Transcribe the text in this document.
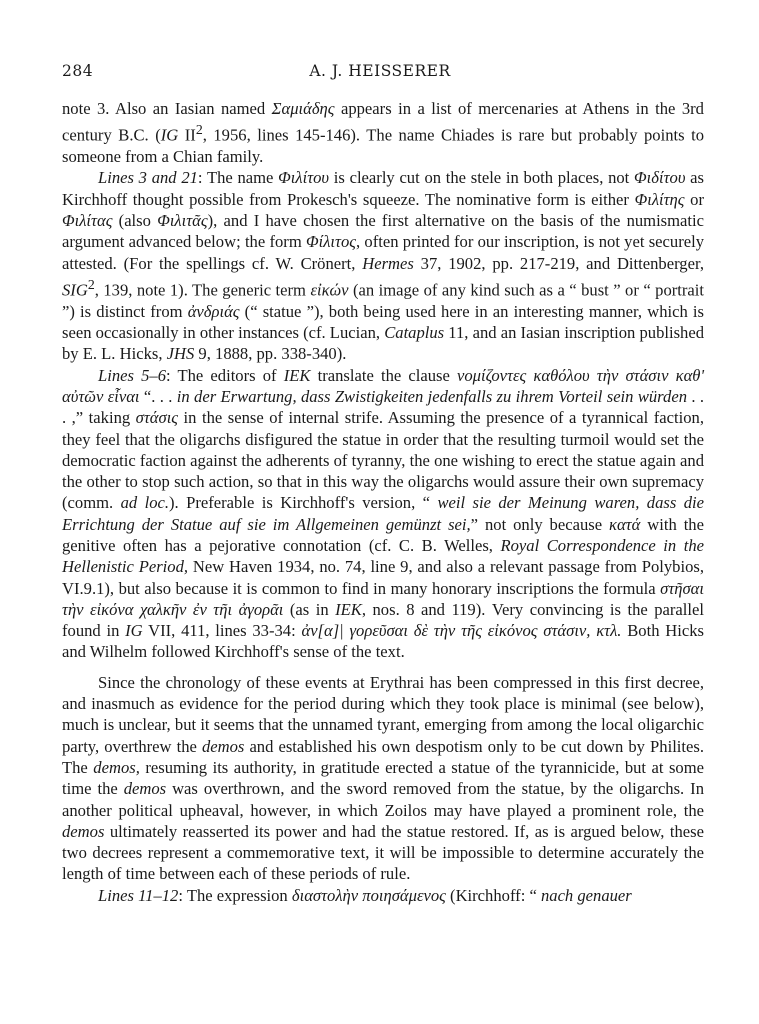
284	A. J. HEISSERER

note 3. Also an Iasian named Σαμιάδης appears in a list of mercenaries at Athens in the 3rd century B.C. (IG $II^2$, 1956, lines 145-146). The name Chiades is rare but probably points to someone from a Chian family.

Lines 3 and 21: The name Φιλίτου is clearly cut on the stele in both places, not Φιδίτου as Kirchhoff thought possible from Prokesch's squeeze. The nominative form is either Φιλίτης or Φιλίτας (also Φιλιτᾶς), and I have chosen the first alternative on the basis of the numismatic argument advanced below; the form Φίλιτος, often printed for our inscription, is not yet securely attested. (For the spellings cf. W. Crönert, Hermes 37, 1902, pp. 217-219, and Dittenberger, SIG$^2$, 139, note 1). The generic term εἰκών (an image of any kind such as a “ bust ” or “ portrait ”) is distinct from ἀνδριάς (“ statue ”), both being used here in an interesting manner, which is seen occasionally in other instances (cf. Lucian, Cataplus 11, and an Iasian inscription published by E. L. Hicks, JHS 9, 1888, pp. 338-340).

Lines 5–6: The editors of IEK translate the clause νομίζοντες καθόλου τὴν στάσιν καθ' αὐτῶν εἶναι “. . . in der Erwartung, dass Zwistigkeiten jedenfalls zu ihrem Vorteil sein würden . . . ,” taking στάσις in the sense of internal strife. Assuming the presence of a tyrannical faction, they feel that the oligarchs disfigured the statue in order that the resulting turmoil would set the democratic faction against the adherents of tyranny, the one wishing to erect the statue again and the other to stop such action, so that in this way the oligarchs would assure their own supremacy (comm. ad loc.). Preferable is Kirchhoff's version, “ weil sie der Meinung waren, dass die Errichtung der Statue auf sie im Allgemeinen gemünzt sei,” not only because κατά with the genitive often has a pejorative connotation (cf. C. B. Welles, Royal Correspondence in the Hellenistic Period, New Haven 1934, no. 74, line 9, and also a relevant passage from Polybios, VI.9.1), but also because it is common to find in many honorary inscriptions the formula στῆσαι τὴν εἰκόνα χαλκῆν ἐν τῆι ἀγορᾶι (as in IEK, nos. 8 and 119). Very convincing is the parallel found in IG VII, 411, lines 33-34: ἀν[α]| γορεῦσαι δὲ τὴν τῆς εἰκόνος στάσιν, κτλ. Both Hicks and Wilhelm followed Kirchhoff's sense of the text.

Since the chronology of these events at Erythrai has been compressed in this first decree, and inasmuch as evidence for the period during which they took place is minimal (see below), much is unclear, but it seems that the unnamed tyrant, emerging from among the local oligarchic party, overthrew the demos and established his own despotism only to be cut down by Philites. The demos, resuming its authority, in gratitude erected a statue of the tyrannicide, but at some time the demos was overthrown, and the sword removed from the statue, by the oligarchs. In another political upheaval, however, in which Zoilos may have played a prominent role, the demos ultimately reasserted its power and had the statue restored. If, as is argued below, these two decrees represent a commemorative text, it will be impossible to determine accurately the length of time between each of these periods of rule.

Lines 11–12: The expression διαστολὴν ποιησάμενος (Kirchhoff: “ nach genauer
